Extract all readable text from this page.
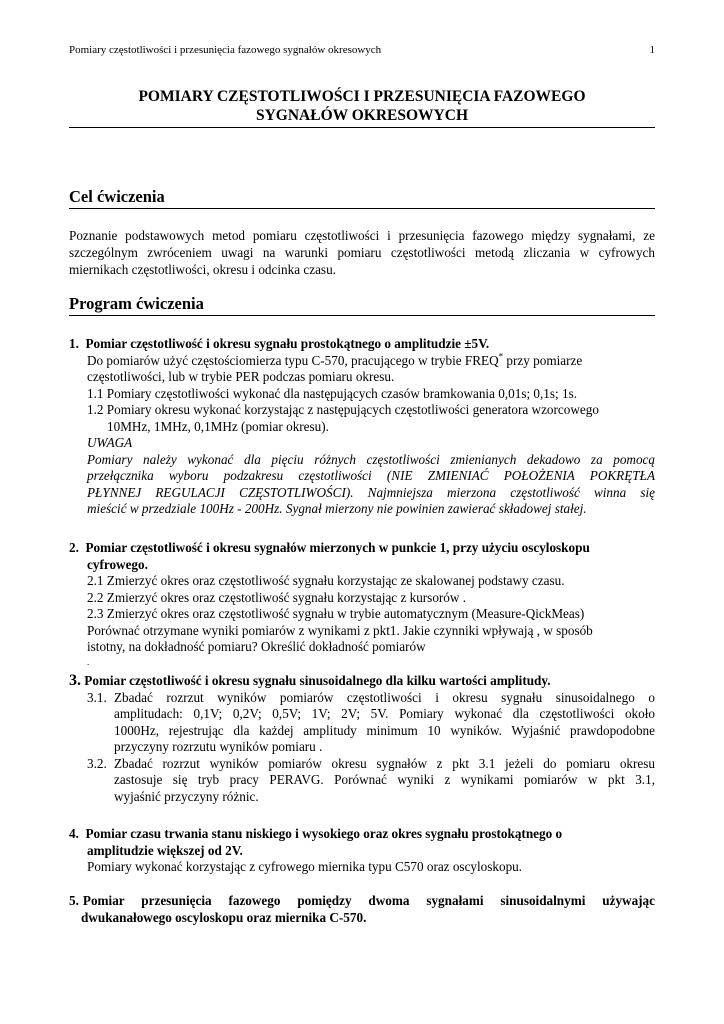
Pomiary częstotliwości i przesunięcia fazowego sygnałów okresowych	1
POMIARY CZĘSTOTLIWOŚCI I PRZESUNIĘCIA FAZOWEGO
SYGNAŁÓW OKRESOWYCH
Cel ćwiczenia
Poznanie podstawowych metod pomiaru częstotliwości i przesunięcia fazowego między sygnałami, ze szczególnym zwróceniem uwagi na warunki pomiaru częstotliwości metodą zliczania w cyfrowych miernikach częstotliwości, okresu i odcinka czasu.
Program ćwiczenia
1. Pomiar częstotliwość i okresu sygnału prostokątnego o amplitudzie ±5V.
Do pomiarów użyć częstościomierza typu C-570, pracującego w trybie FREQ* przy pomiarze
częstotliwości, lub w trybie PER podczas pomiaru okresu.
1.1 Pomiary częstotliwości wykonać dla następujących czasów bramkowania 0,01s; 0,1s; 1s.
1.2 Pomiary okresu wykonać korzystając z następujących częstotliwości generatora wzorcowego
10MHz, 1MHz, 0,1MHz (pomiar okresu).
UWAGA
Pomiary należy wykonać dla pięciu różnych częstotliwości zmienianych dekadowo za pomocą
przełącznika wyboru podzakresu częstotliwości (NIE ZMIENIAĆ POŁOŻENIA POKRĘTŁA
PŁYNNEJ REGULACJI CZĘSTOTLIWOŚCI). Najmniejsza mierzona częstotliwość winna się
mieścić w przedziale 100Hz - 200Hz. Sygnał mierzony nie powinien zawierać składowej stałej.
2. Pomiar częstotliwość i okresu sygnałów mierzonych w punkcie 1, przy użyciu oscyloskopu
cyfrowego.
2.1 Zmierzyć okres oraz częstotliwość sygnału korzystając ze skalowanej podstawy czasu.
2.2 Zmierzyć okres oraz częstotliwość sygnału korzystając z kursorów .
2.3 Zmierzyć okres oraz częstotliwość sygnału w trybie automatycznym (Measure-QickMeas)
Porównać otrzymane wyniki pomiarów z wynikami z pkt1. Jakie czynniki wpływają , w sposób
istotny, na dokładność pomiaru? Określić dokładność pomiarów
.
3. Pomiar częstotliwość i okresu sygnału sinusoidalnego dla kilku wartości amplitudy.
3.1. Zbadać rozrzut wyników pomiarów częstotliwości i okresu sygnału sinusoidalnego o
amplitudach: 0,1V; 0,2V; 0,5V; 1V; 2V; 5V. Pomiary wykonać dla częstotliwości około
1000Hz, rejestrując dla każdej amplitudy minimum 10 wyników. Wyjaśnić prawdopodobne
przyczyny rozrzutu wyników pomiaru .
3.2. Zbadać rozrzut wyników pomiarów okresu sygnałów z pkt 3.1 jeżeli do pomiaru okresu
zastosuje się tryb pracy PERAVG. Porównać wyniki z wynikami pomiarów w pkt 3.1,
wyjaśnić przyczyny różnic.
4. Pomiar czasu trwania stanu niskiego i wysokiego oraz okres sygnału prostokątnego o
amplitudzie większej od 2V.
Pomiary wykonać korzystając z cyfrowego miernika typu C570 oraz oscyloskopu.
5. Pomiar przesunięcia fazowego pomiędzy dwoma sygnałami sinusoidalnymi używając
dwukanałowego oscyloskopu oraz miernika C-570.
